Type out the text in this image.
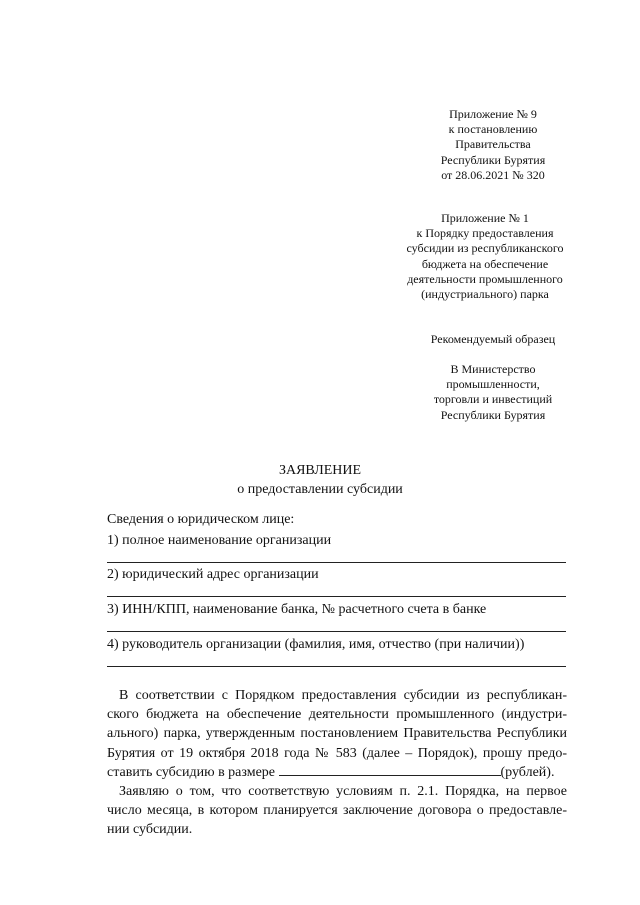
Приложение № 9
к постановлению
Правительства
Республики Бурятия
от 28.06.2021 № 320
Приложение № 1
к Порядку предоставления
субсидии из республиканского
бюджета на обеспечение
деятельности промышленного
(индустриального) парка
Рекомендуемый образец
В Министерство
промышленности,
торговли и инвестиций
Республики Бурятия
ЗАЯВЛЕНИЕ
о предоставлении субсидии
Сведения о юридическом лице:
1) полное наименование организации
2) юридический адрес организации
3) ИНН/КПП, наименование банка, № расчетного счета в банке
4) руководитель организации (фамилия, имя, отчество (при наличии))
В соответствии с Порядком предоставления субсидии из республикан-
ского бюджета на обеспечение деятельности промышленного (индустри-
ального) парка, утвержденным постановлением Правительства Республики
Бурятия от 19 октября 2018 года № 583 (далее – Порядок), прошу предо-
ставить субсидию в размере	(рублей).
Заявляю о том, что соответствую условиям п. 2.1. Порядка, на первое
число месяца, в котором планируется заключение договора о предоставле-
нии субсидии.
